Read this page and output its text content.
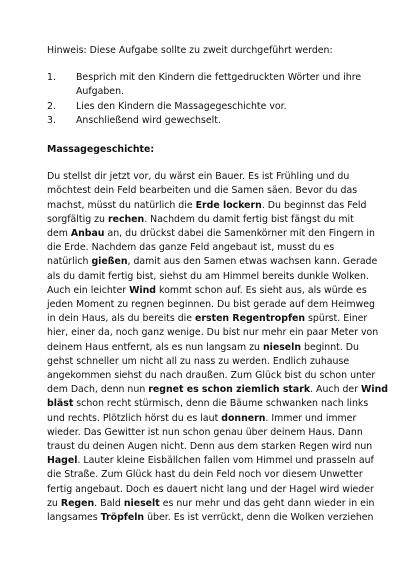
Hinweis: Diese Aufgabe sollte zu zweit durchgeführt werden:

1.	Besprich mit den Kindern die fettgedruckten Wörter und ihre Aufgaben.
2.	Lies den Kindern die Massagegeschichte vor.
3.	Anschließend wird gewechselt.

Massagegeschichte:

Du stellst dir jetzt vor, du wärst ein Bauer. Es ist Frühling und du
möchtest dein Feld bearbeiten und die Samen säen. Bevor du das
machst, müsst du natürlich die Erde lockern. Du beginnst das Feld
sorgfältig zu rechen. Nachdem du damit fertig bist fängst du mit
dem Anbau an, du drückst dabei die Samenkörner mit den Fingern in
die Erde. Nachdem das ganze Feld angebaut ist, musst du es
natürlich gießen, damit aus den Samen etwas wachsen kann. Gerade
als du damit fertig bist, siehst du am Himmel bereits dunkle Wolken.
Auch ein leichter Wind kommt schon auf. Es sieht aus, als würde es
jeden Moment zu regnen beginnen. Du bist gerade auf dem Heimweg
in dein Haus, als du bereits die ersten Regentropfen spürst. Einer
hier, einer da, noch ganz wenige. Du bist nur mehr ein paar Meter von
deinem Haus entfernt, als es nun langsam zu nieseln beginnt. Du
gehst schneller um nicht all zu nass zu werden. Endlich zuhause
angekommen siehst du nach draußen. Zum Glück bist du schon unter
dem Dach, denn nun regnet es schon ziemlich stark. Auch der Wind
bläst schon recht stürmisch, denn die Bäume schwanken nach links
und rechts. Plötzlich hörst du es laut donnern. Immer und immer
wieder. Das Gewitter ist nun schon genau über deinem Haus. Dann
traust du deinen Augen nicht. Denn aus dem starken Regen wird nun
Hagel. Lauter kleine Eisbällchen fallen vom Himmel und prasseln auf
die Straße. Zum Glück hast du dein Feld noch vor diesem Unwetter
fertig angebaut. Doch es dauert nicht lang und der Hagel wird wieder
zu Regen. Bald nieselt es nur mehr und das geht dann wieder in ein
langsames Tröpfeln über. Es ist verrückt, denn die Wolken verziehen
